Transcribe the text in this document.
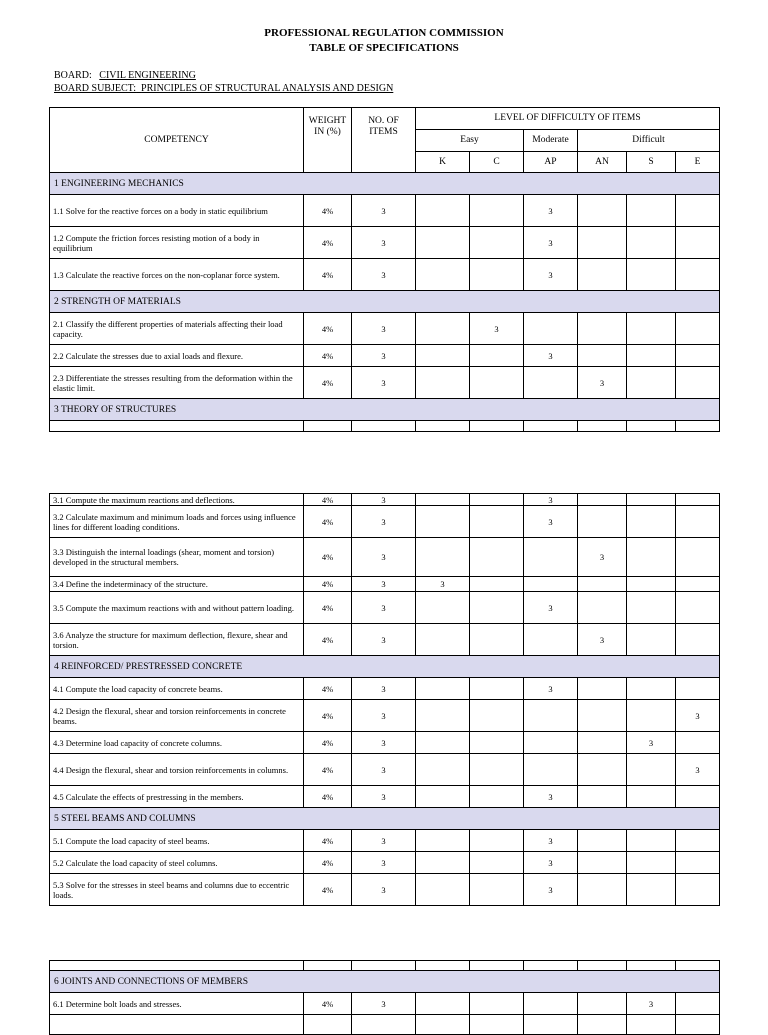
PROFESSIONAL REGULATION COMMISSION
TABLE OF SPECIFICATIONS
BOARD: CIVIL ENGINEERING
BOARD SUBJECT: PRINCIPLES OF STRUCTURAL ANALYSIS AND DESIGN
COMPETENCY	WEIGHT IN (%)	NO. OF ITEMS	LEVEL OF DIFFICULTY OF ITEMS					
			Easy		Moderate	Difficult		
			K	C	AP	AN	S	E
1 ENGINEERING MECHANICS								
1.1 Solve for the reactive forces on a body in static equilibrium	4%	3			3			
1.2 Compute the friction forces resisting motion of a body in equilibrium	4%	3			3			
1.3 Calculate the reactive forces on the non-coplanar force system.	4%	3			3			
2 STRENGTH OF MATERIALS								
2.1 Classify the different properties of materials affecting their load capacity.	4%	3		3				
2.2 Calculate the stresses due to axial loads and flexure.	4%	3			3			
2.3 Differentiate the stresses resulting from the deformation within the elastic limit.	4%	3				3		
3 THEORY OF STRUCTURES								

3.1 Compute the maximum reactions and deflections.	4%	3			3			
3.2 Calculate maximum and minimum loads and forces using influence lines for different loading conditions.	4%	3			3			
3.3 Distinguish the internal loadings (shear, moment and torsion) developed in the structural members.	4%	3				3		
3.4 Define the indeterminacy of the structure.	4%	3	3					
3.5 Compute the maximum reactions with and without pattern loading.	4%	3			3			
3.6 Analyze the structure for maximum deflection, flexure, shear and torsion.	4%	3				3		
4 REINFORCED/ PRESTRESSED CONCRETE								
4.1 Compute the load capacity of concrete beams.	4%	3			3			
4.2 Design the flexural, shear and torsion reinforcements in concrete beams.	4%	3						3
4.3 Determine load capacity of concrete columns.	4%	3					3	
4.4 Design the flexural, shear and torsion reinforcements in columns.	4%	3						3
4.5 Calculate the effects of prestressing in the members.	4%	3			3			
5 STEEL BEAMS AND COLUMNS								
5.1 Compute the load capacity of steel beams.	4%	3			3			
5.2 Calculate the load capacity of steel columns.	4%	3			3			
5.3 Solve for the stresses in steel beams and columns due to eccentric loads.	4%	3			3			

6 JOINTS AND CONNECTIONS OF MEMBERS								
6.1 Determine bolt loads and stresses.	4%	3					3	
